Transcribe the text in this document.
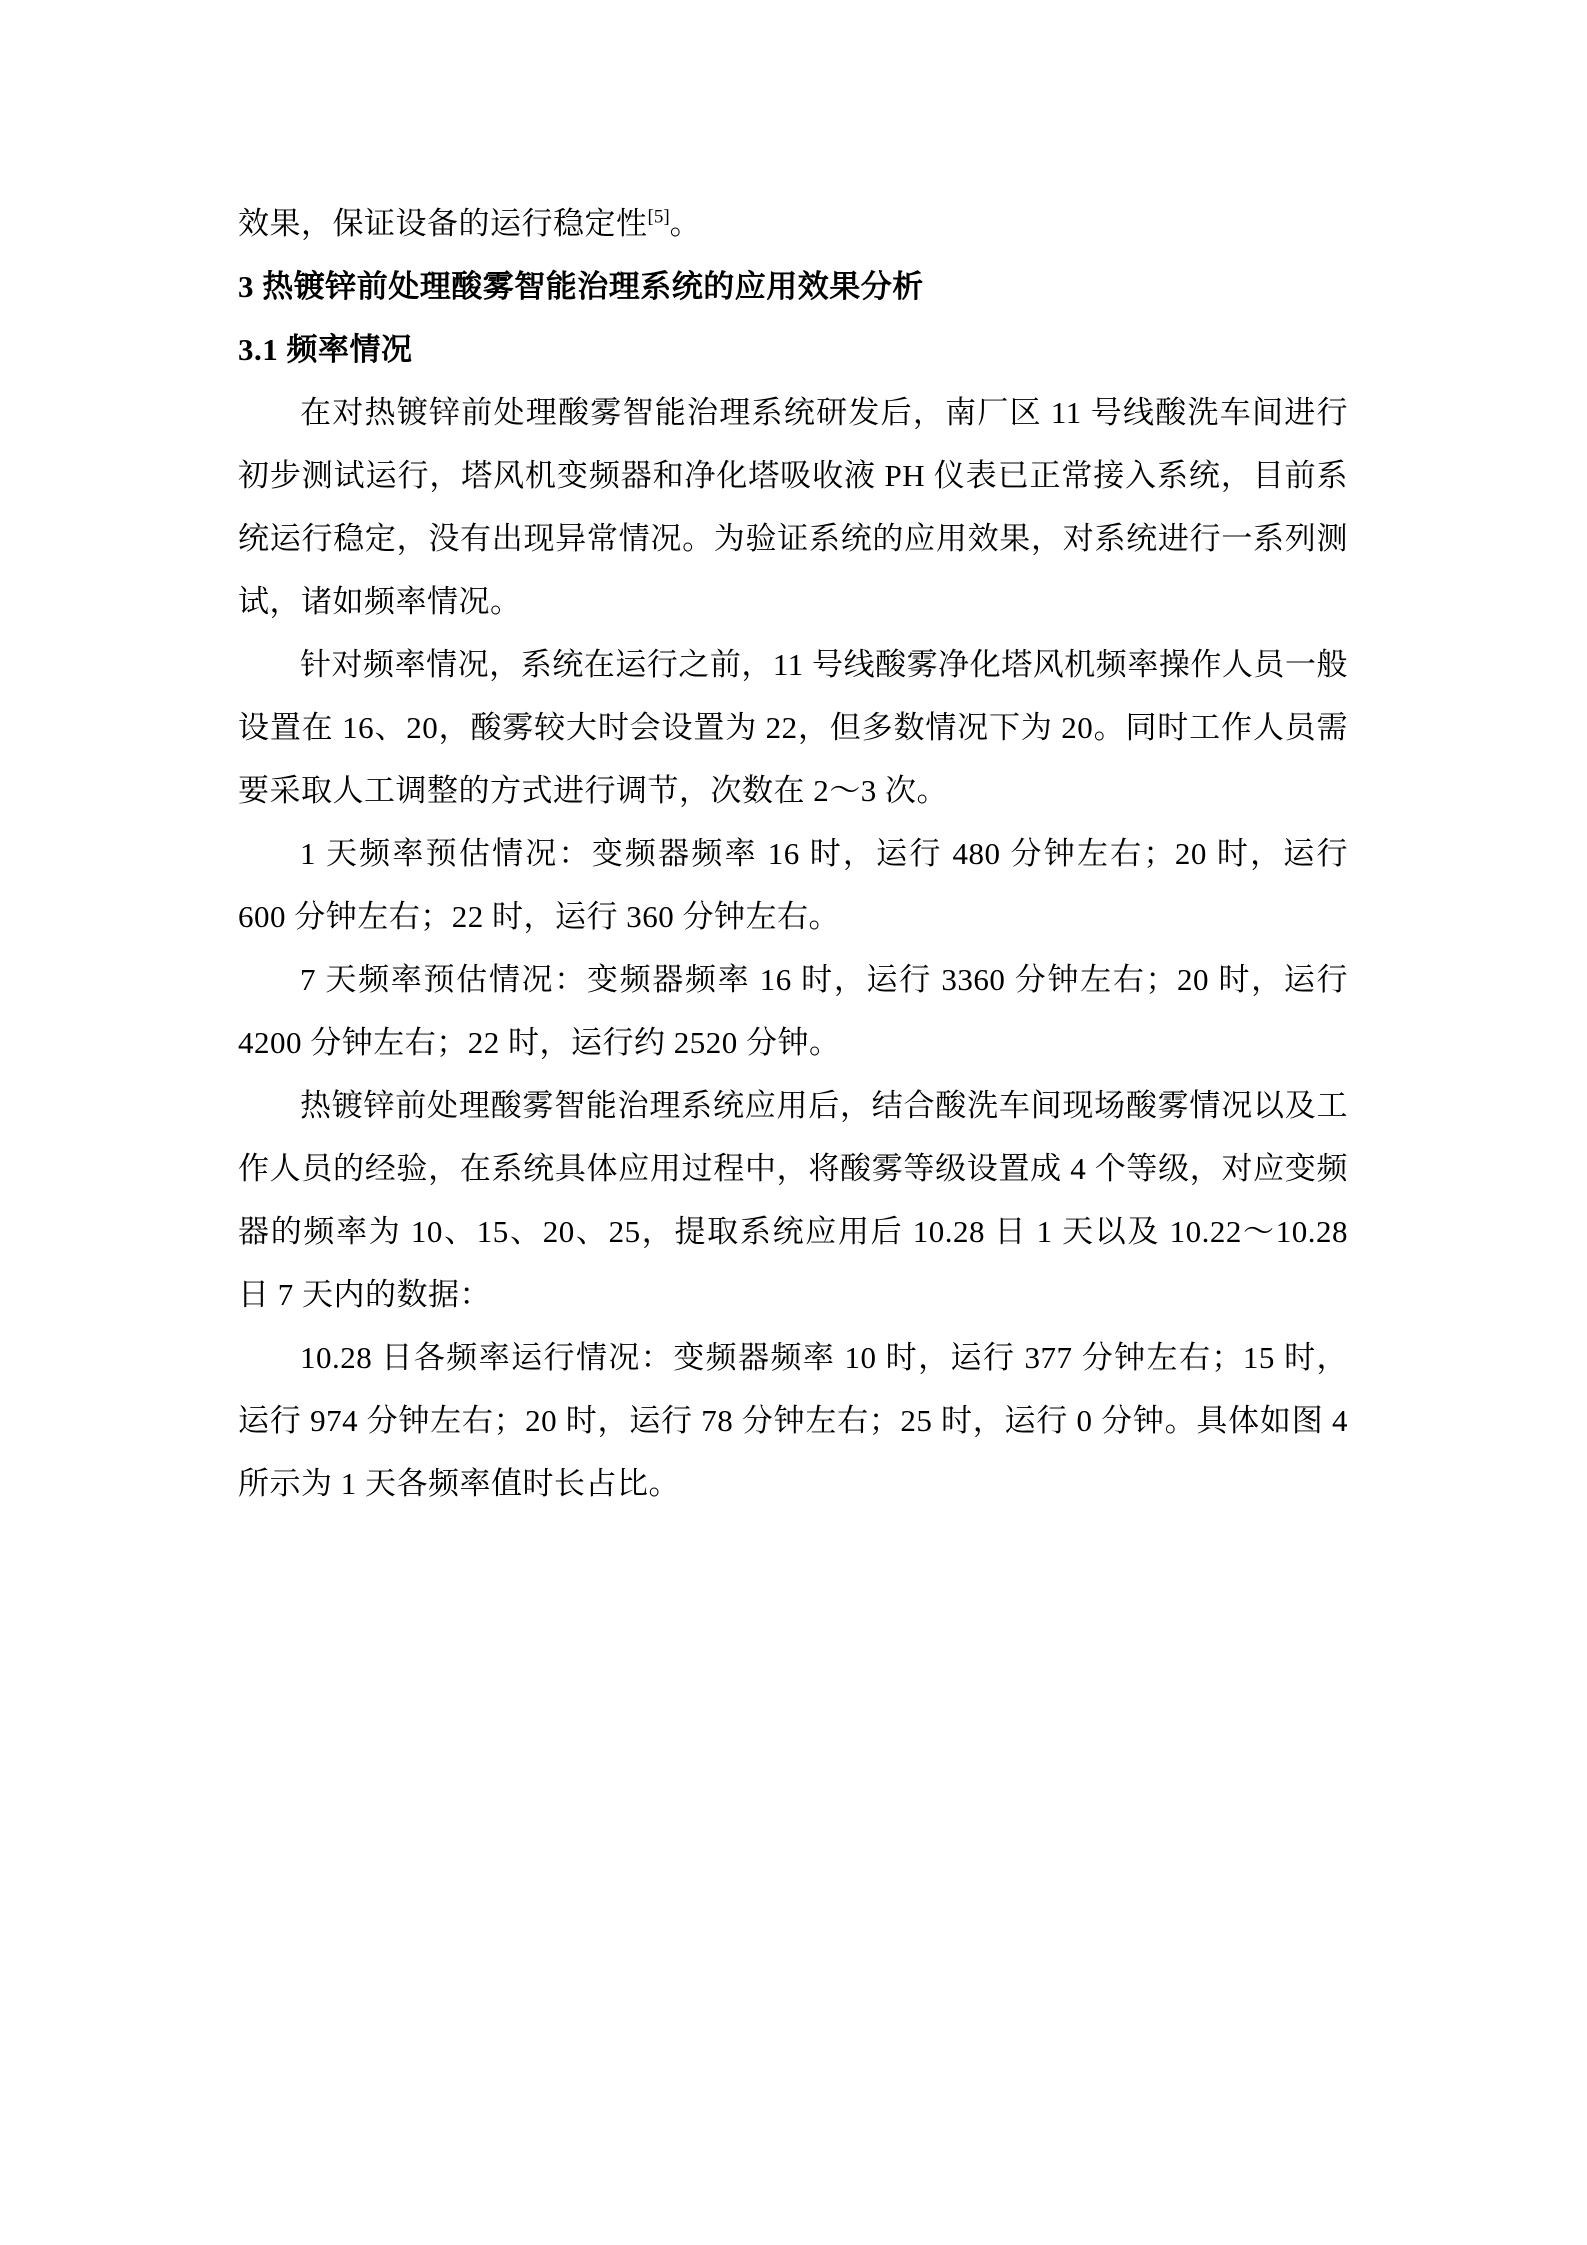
效果，保证设备的运行稳定性[5]。

3 热镀锌前处理酸雾智能治理系统的应用效果分析

3.1 频率情况

在对热镀锌前处理酸雾智能治理系统研发后，南厂区 11 号线酸洗车间进行初步测试运行，塔风机变频器和净化塔吸收液 PH 仪表已正常接入系统，目前系统运行稳定，没有出现异常情况。为验证系统的应用效果，对系统进行一系列测试，诸如频率情况。

针对频率情况，系统在运行之前，11 号线酸雾净化塔风机频率操作人员一般设置在 16、20，酸雾较大时会设置为 22，但多数情况下为 20。同时工作人员需要采取人工调整的方式进行调节，次数在 2～3 次。

1 天频率预估情况：变频器频率 16 时，运行 480 分钟左右；20 时，运行 600 分钟左右；22 时，运行 360 分钟左右。

7 天频率预估情况：变频器频率 16 时，运行 3360 分钟左右；20 时，运行 4200 分钟左右；22 时，运行约 2520 分钟。

热镀锌前处理酸雾智能治理系统应用后，结合酸洗车间现场酸雾情况以及工作人员的经验，在系统具体应用过程中，将酸雾等级设置成 4 个等级，对应变频器的频率为 10、15、20、25，提取系统应用后 10.28 日 1 天以及 10.22～10.28 日 7 天内的数据：

10.28 日各频率运行情况：变频器频率 10 时，运行 377 分钟左右；15 时，运行 974 分钟左右；20 时，运行 78 分钟左右；25 时，运行 0 分钟。具体如图 4 所示为 1 天各频率值时长占比。
